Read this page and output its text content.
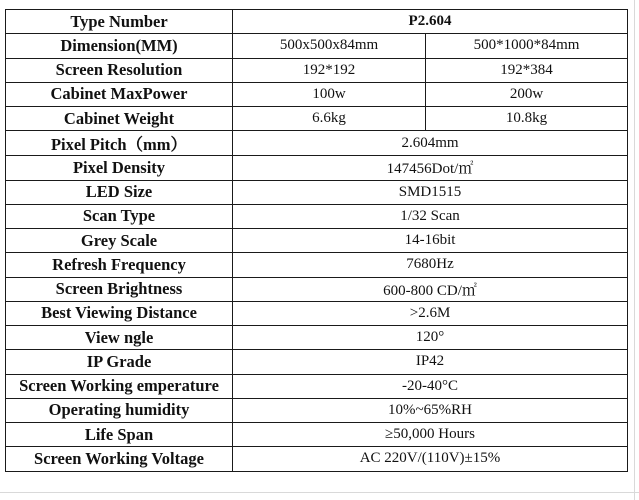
Type Number	P2.604	
Dimension(MM)	500x500x84mm	500*1000*84mm
Screen Resolution	192*192	192*384
Cabinet MaxPower	100w	200w
Cabinet Weight	6.6kg	10.8kg
Pixel Pitch（mm）	2.604mm	
Pixel Density	147456Dot/㎡	
LED Size	SMD1515	
Scan Type	1/32 Scan	
Grey Scale	14-16bit	
Refresh Frequency	7680Hz	
Screen Brightness	600-800 CD/㎡	
Best Viewing Distance	>2.6M	
View ngle	120°	
IP Grade	IP42	
Screen Working emperature	-20-40°C	
Operating humidity	10%~65%RH	
Life Span	≥50,000 Hours	
Screen Working Voltage	AC 220V/(110V)±15%	
